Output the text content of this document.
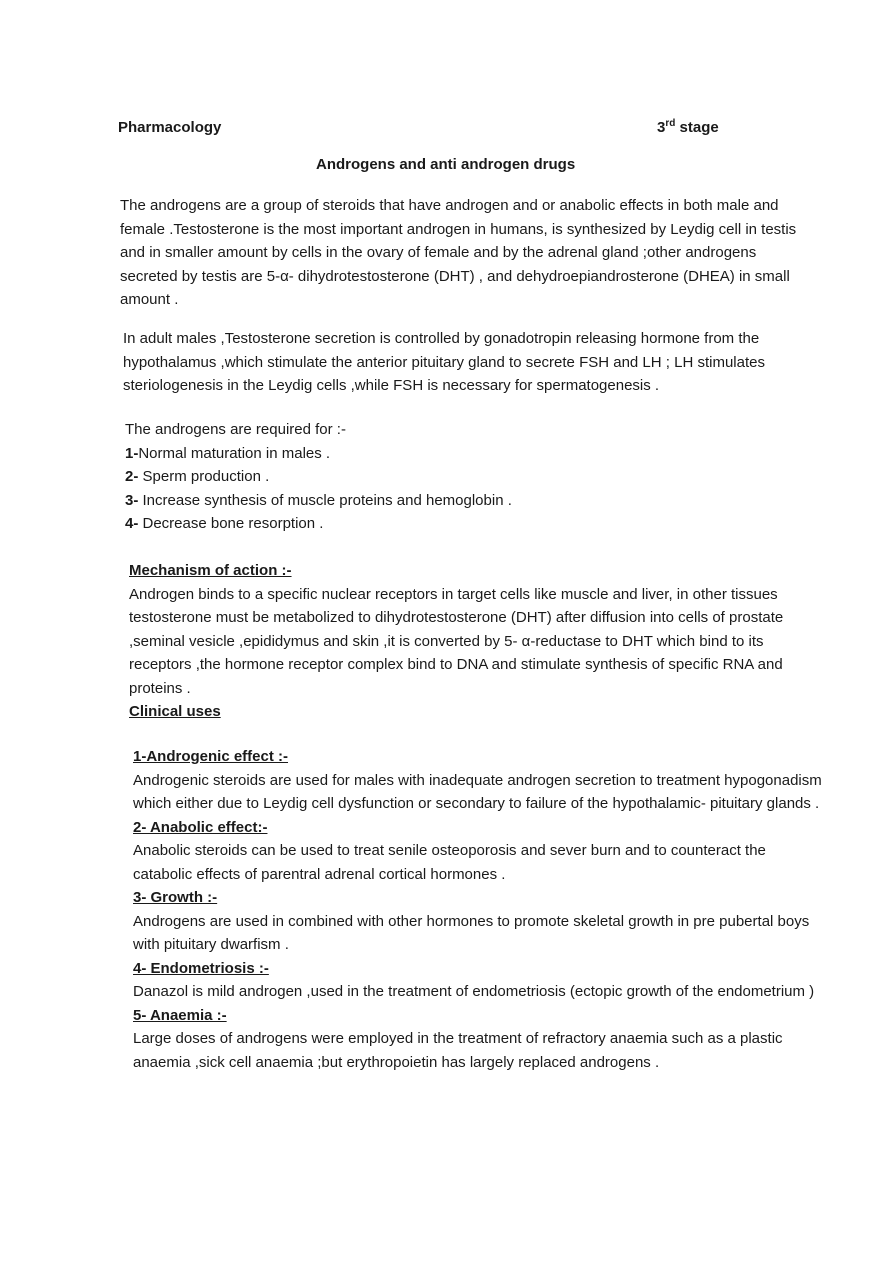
Pharmacology	3rd stage
Androgens and anti androgen drugs

The androgens are a group of steroids that have androgen and or anabolic effects in both male and female .Testosterone is the most important androgen in humans, is synthesized by Leydig cell in testis and in smaller amount by cells in the ovary of female and by the adrenal gland ;other androgens secreted by testis are 5-α- dihydrotestosterone (DHT) , and dehydroepiandrosterone (DHEA) in small amount .

In adult males ,Testosterone secretion is controlled by gonadotropin releasing hormone from the hypothalamus ,which stimulate the anterior pituitary gland to secrete FSH and LH ; LH stimulates steriologenesis in the Leydig cells ,while FSH is necessary for spermatogenesis .

The androgens are required for :-

1-Normal maturation in males .

2- Sperm production .

3- Increase synthesis of muscle proteins and hemoglobin .

4- Decrease bone resorption .

Mechanism of action :-

Androgen binds to a specific nuclear receptors in target cells like muscle and liver, in other tissues testosterone must be metabolized to dihydrotestosterone (DHT) after diffusion into cells of prostate ,seminal vesicle ,epididymus and skin ,it is converted by 5- α-reductase to DHT which bind to its receptors ,the hormone receptor complex bind to DNA and stimulate synthesis of specific RNA and proteins .

Clinical uses

1-Androgenic effect :-

Androgenic steroids are used for males with inadequate androgen secretion to treatment hypogonadism which either due to Leydig cell dysfunction or secondary to failure of the hypothalamic- pituitary glands .

2- Anabolic effect:-

Anabolic steroids can be used to treat senile osteoporosis and sever burn and to counteract the catabolic effects of parentral adrenal cortical hormones .

3- Growth :-

Androgens are used in combined with other hormones to promote skeletal growth in pre pubertal boys with pituitary dwarfism .

4- Endometriosis :-

Danazol is mild androgen ,used in the treatment of endometriosis (ectopic growth of the endometrium )

5- Anaemia :-

Large doses of androgens were employed in the treatment of refractory anaemia such as a plastic anaemia ,sick cell anaemia ;but erythropoietin has largely replaced androgens .
